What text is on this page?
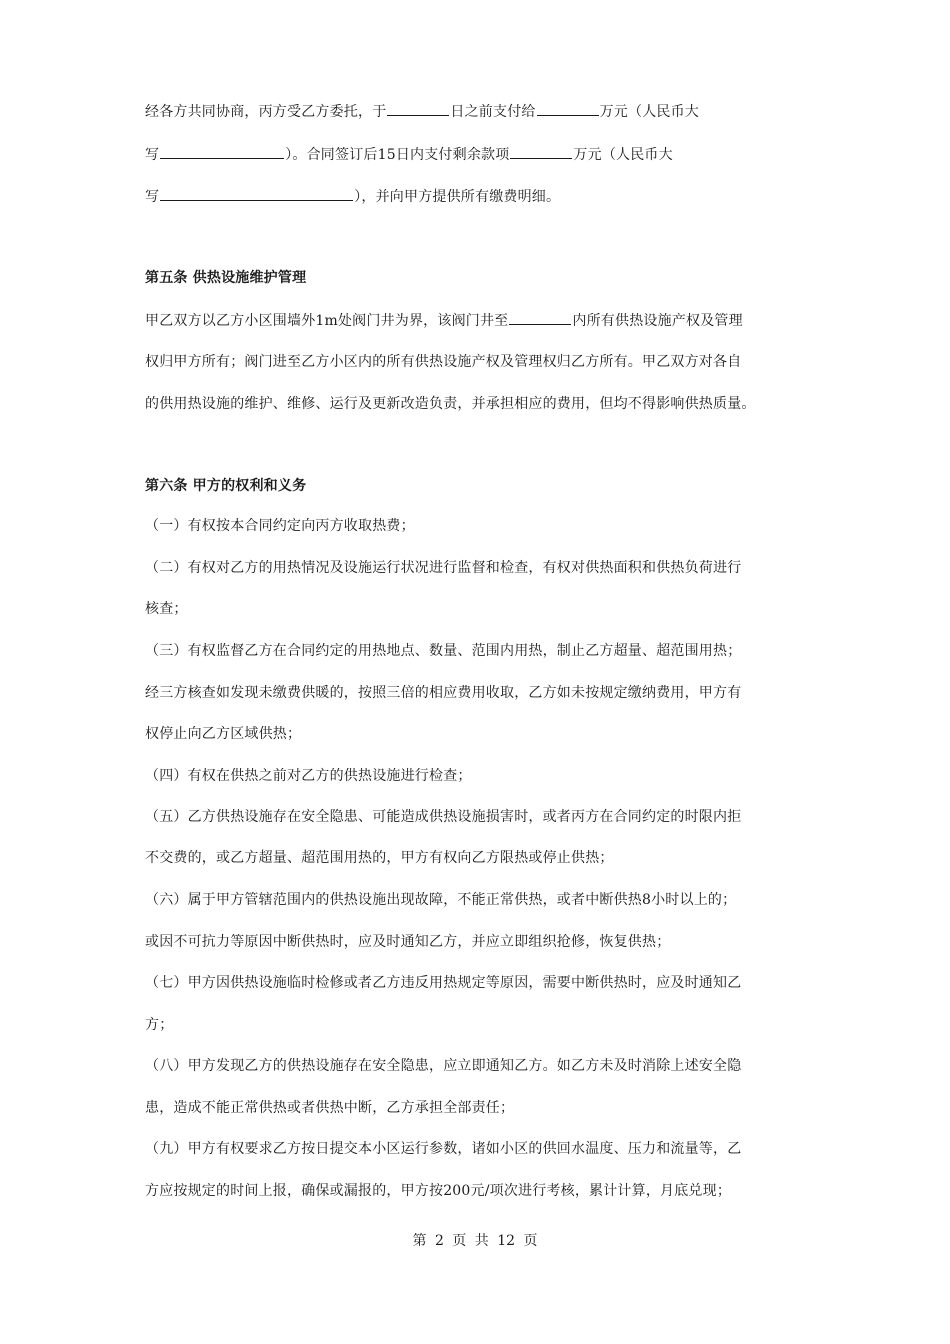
经各方共同协商，丙方受乙方委托，于	日之前支付给	万元（人民币大
写	）。合同签订后15日内支付剩余款项	万元（人民币大
写	），并向甲方提供所有缴费明细。
第五条 供热设施维护管理
甲乙双方以乙方小区围墙外1m处阀门井为界，该阀门井至	内所有供热设施产权及管理
权归甲方所有；阀门进至乙方小区内的所有供热设施产权及管理权归乙方所有。甲乙双方对各自
的供用热设施的维护、维修、运行及更新改造负责，并承担相应的费用，但均不得影响供热质量。
第六条 甲方的权利和义务
（一）有权按本合同约定向丙方收取热费；
（二）有权对乙方的用热情况及设施运行状况进行监督和检查，有权对供热面积和供热负荷进行
核查；
（三）有权监督乙方在合同约定的用热地点、数量、范围内用热，制止乙方超量、超范围用热；
经三方核查如发现未缴费供暖的，按照三倍的相应费用收取，乙方如未按规定缴纳费用，甲方有
权停止向乙方区域供热；
（四）有权在供热之前对乙方的供热设施进行检查；
（五）乙方供热设施存在安全隐患、可能造成供热设施损害时，或者丙方在合同约定的时限内拒
不交费的，或乙方超量、超范围用热的，甲方有权向乙方限热或停止供热；
（六）属于甲方管辖范围内的供热设施出现故障，不能正常供热，或者中断供热8小时以上的；
或因不可抗力等原因中断供热时，应及时通知乙方，并应立即组织抢修，恢复供热；
（七）甲方因供热设施临时检修或者乙方违反用热规定等原因，需要中断供热时，应及时通知乙
方；
（八）甲方发现乙方的供热设施存在安全隐患，应立即通知乙方。如乙方未及时消除上述安全隐
患，造成不能正常供热或者供热中断，乙方承担全部责任；
（九）甲方有权要求乙方按日提交本小区运行参数，诸如小区的供回水温度、压力和流量等，乙
方应按规定的时间上报，确保或漏报的，甲方按200元/项次进行考核，累计计算，月底兑现；
第 2 页 共 12 页
